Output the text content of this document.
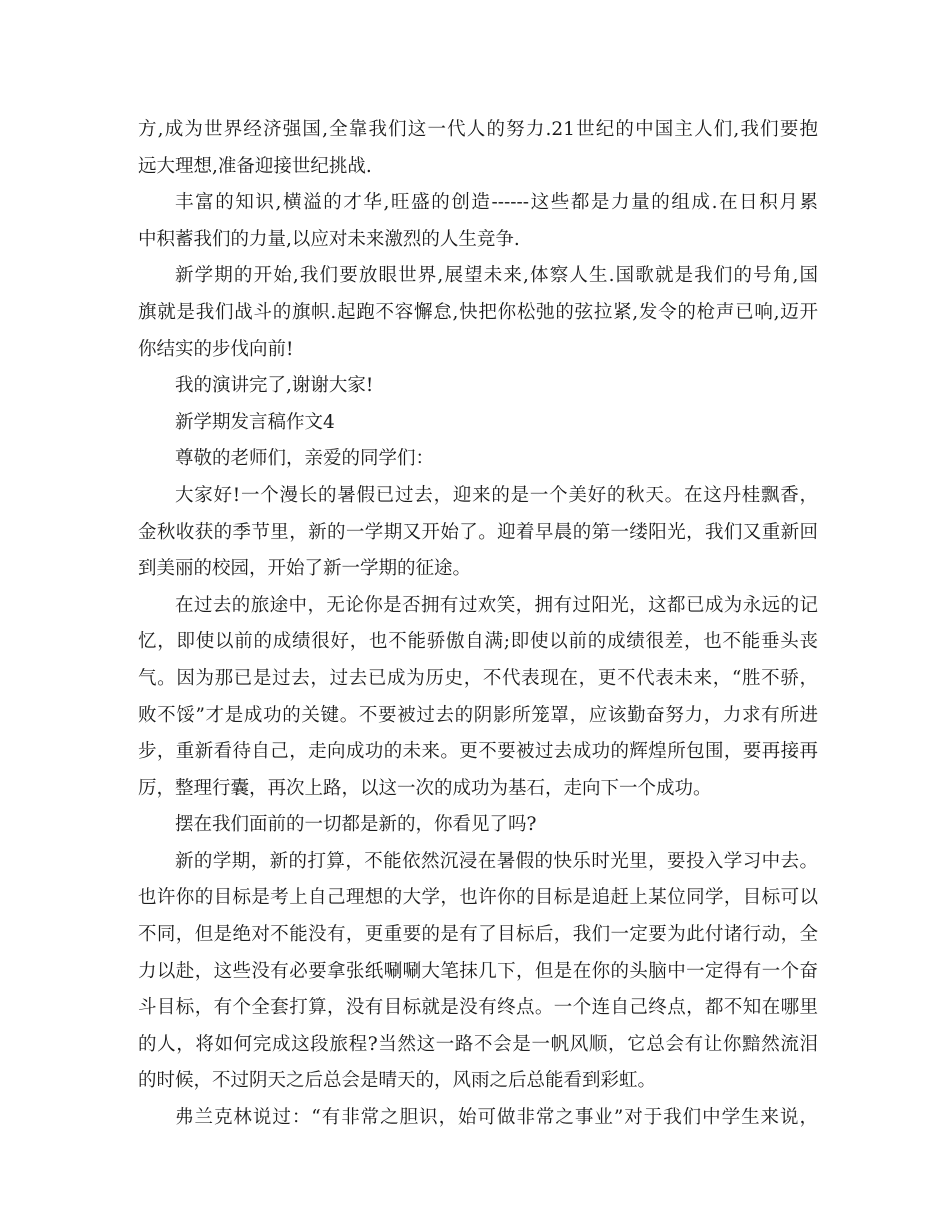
方,成为世界经济强国,全靠我们这一代人的努力.21世纪的中国主人们,我们要抱
远大理想,准备迎接世纪挑战.
丰富的知识,横溢的才华,旺盛的创造------这些都是力量的组成.在日积月累
中积蓄我们的力量,以应对未来激烈的人生竞争.
新学期的开始,我们要放眼世界,展望未来,体察人生.国歌就是我们的号角,国
旗就是我们战斗的旗帜.起跑不容懈怠,快把你松弛的弦拉紧,发令的枪声已响,迈开
你结实的步伐向前!
我的演讲完了,谢谢大家!
新学期发言稿作文4
尊敬的老师们，亲爱的同学们：
大家好!一个漫长的暑假已过去，迎来的是一个美好的秋天。在这丹桂飘香，
金秋收获的季节里，新的一学期又开始了。迎着早晨的第一缕阳光，我们又重新回
到美丽的校园，开始了新一学期的征途。
在过去的旅途中，无论你是否拥有过欢笑，拥有过阳光，这都已成为永远的记
忆，即使以前的成绩很好，也不能骄傲自满;即使以前的成绩很差，也不能垂头丧
气。因为那已是过去，过去已成为历史，不代表现在，更不代表未来，“胜不骄，
败不馁”才是成功的关键。不要被过去的阴影所笼罩，应该勤奋努力，力求有所进
步，重新看待自己，走向成功的未来。更不要被过去成功的辉煌所包围，要再接再
厉，整理行囊，再次上路，以这一次的成功为基石，走向下一个成功。
摆在我们面前的一切都是新的，你看见了吗?
新的学期，新的打算，不能依然沉浸在暑假的快乐时光里，要投入学习中去。
也许你的目标是考上自己理想的大学，也许你的目标是追赶上某位同学，目标可以
不同，但是绝对不能没有，更重要的是有了目标后，我们一定要为此付诸行动，全
力以赴，这些没有必要拿张纸唰唰大笔抹几下，但是在你的头脑中一定得有一个奋
斗目标，有个全套打算，没有目标就是没有终点。一个连自己终点，都不知在哪里
的人，将如何完成这段旅程?当然这一路不会是一帆风顺，它总会有让你黯然流泪
的时候，不过阴天之后总会是晴天的，风雨之后总能看到彩虹。
弗兰克林说过：“有非常之胆识，始可做非常之事业”对于我们中学生来说，
